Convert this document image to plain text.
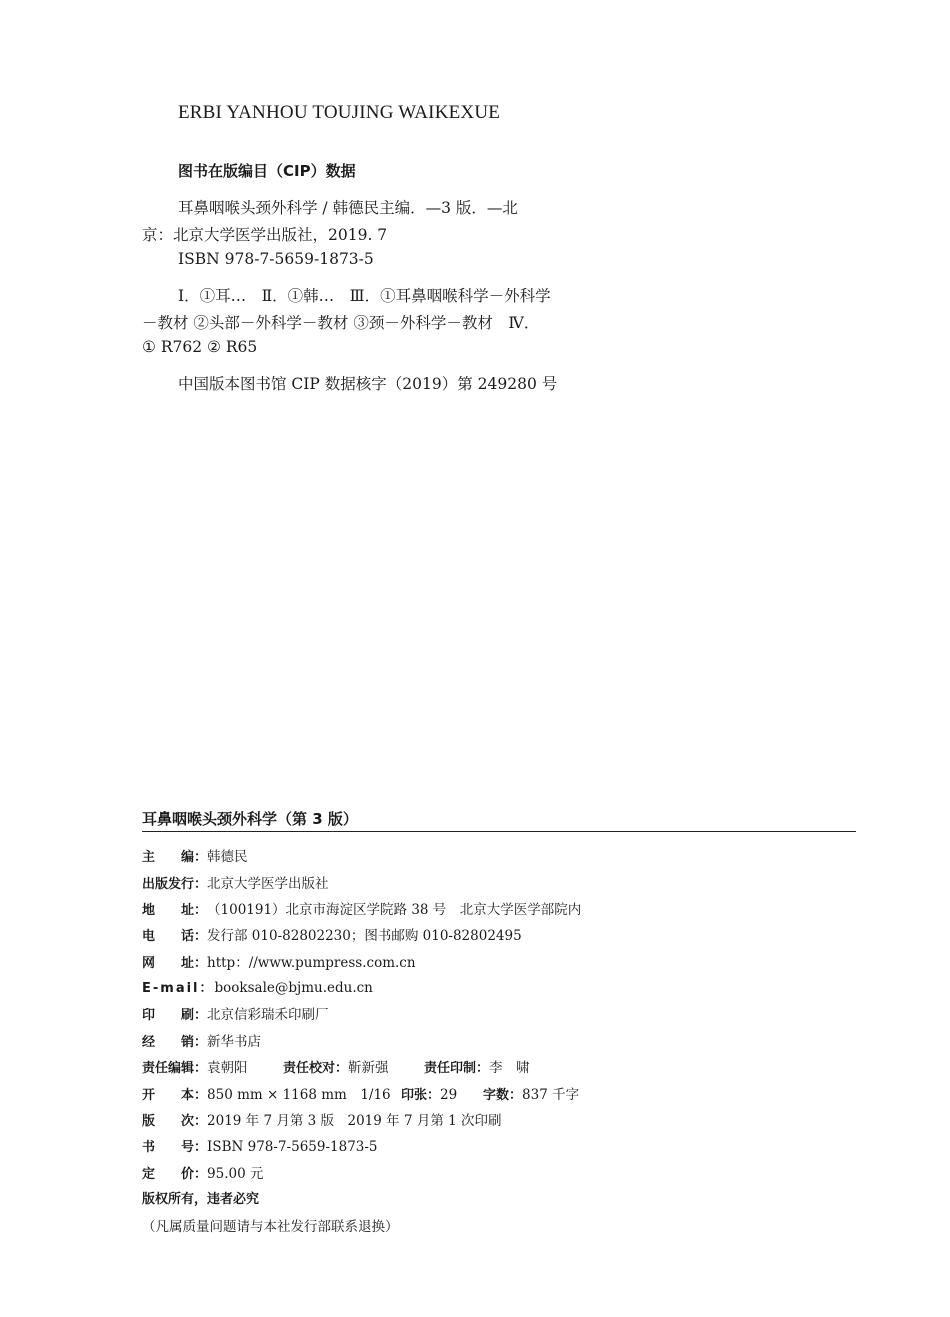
ERBI YANHOU TOUJING WAIKEXUE
图书在版编目（CIP）数据
耳鼻咽喉头颈外科学 / 韩德民主编．—3 版．—北
京：北京大学医学出版社，2019. 7
ISBN 978-7-5659-1873-5
Ⅰ．①耳…　Ⅱ．①韩…　Ⅲ．①耳鼻咽喉科学－外科学
－教材 ②头部－外科学－教材 ③颈－外科学－教材　Ⅳ．
① R762 ② R65
中国版本图书馆 CIP 数据核字（2019）第 249280 号
耳鼻咽喉头颈外科学（第 3 版）
主　　编： 韩德民
出版发行： 北京大学医学出版社
地　　址： （100191）北京市海淀区学院路 38 号　北京大学医学部院内
电　　话： 发行部 010-82802230；图书邮购 010-82802495
网　　址： http：//www.pumpress.com.cn
E-mail： booksale@bjmu.edu.cn
印　　刷： 北京信彩瑞禾印刷厂
经　　销： 新华书店
责任编辑： 袁朝阳	责任校对： 靳新强	责任印制： 李　啸
开　　本： 850 mm × 1168 mm　1/16 印张： 29	字数： 837 千字
版　　次： 2019 年 7 月第 3 版　2019 年 7 月第 1 次印刷
书　　号： ISBN 978-7-5659-1873-5
定　　价： 95.00 元
版权所有，违者必究
（凡属质量问题请与本社发行部联系退换）
